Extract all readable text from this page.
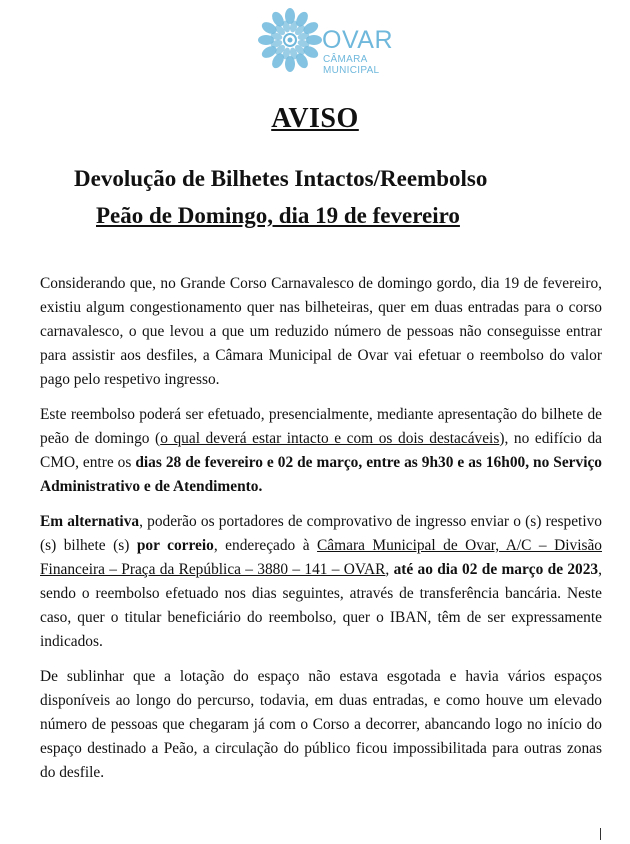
OVAR
CÂMARA
MUNICIPAL
AVISO
Devolução de Bilhetes Intactos/Reembolso
Peão de Domingo, dia 19 de fevereiro

Considerando que, no Grande Corso Carnavalesco de domingo gordo, dia 19 de fevereiro, existiu algum congestionamento quer nas bilheteiras, quer em duas entradas para o corso carnavalesco, o que levou a que um reduzido número de pessoas não conseguisse entrar para assistir aos desfiles, a Câmara Municipal de Ovar vai efetuar o reembolso do valor pago pelo respetivo ingresso.

Este reembolso poderá ser efetuado, presencialmente, mediante apresentação do bilhete de peão de domingo (o qual deverá estar intacto e com os dois destacáveis), no edifício da CMO, entre os dias 28 de fevereiro e 02 de março, entre as 9h30 e as 16h00, no Serviço Administrativo e de Atendimento.

Em alternativa, poderão os portadores de comprovativo de ingresso enviar o (s) respetivo (s) bilhete (s) por correio, endereçado à Câmara Municipal de Ovar, A/C – Divisão Financeira – Praça da República – 3880 – 141 – OVAR, até ao dia 02 de março de 2023, sendo o reembolso efetuado nos dias seguintes, através de transferência bancária. Neste caso, quer o titular beneficiário do reembolso, quer o IBAN, têm de ser expressamente indicados.

De sublinhar que a lotação do espaço não estava esgotada e havia vários espaços disponíveis ao longo do percurso, todavia, em duas entradas, e como houve um elevado número de pessoas que chegaram já com o Corso a decorrer, abancando logo no início do espaço destinado a Peão, a circulação do público ficou impossibilitada para outras zonas do desfile.
